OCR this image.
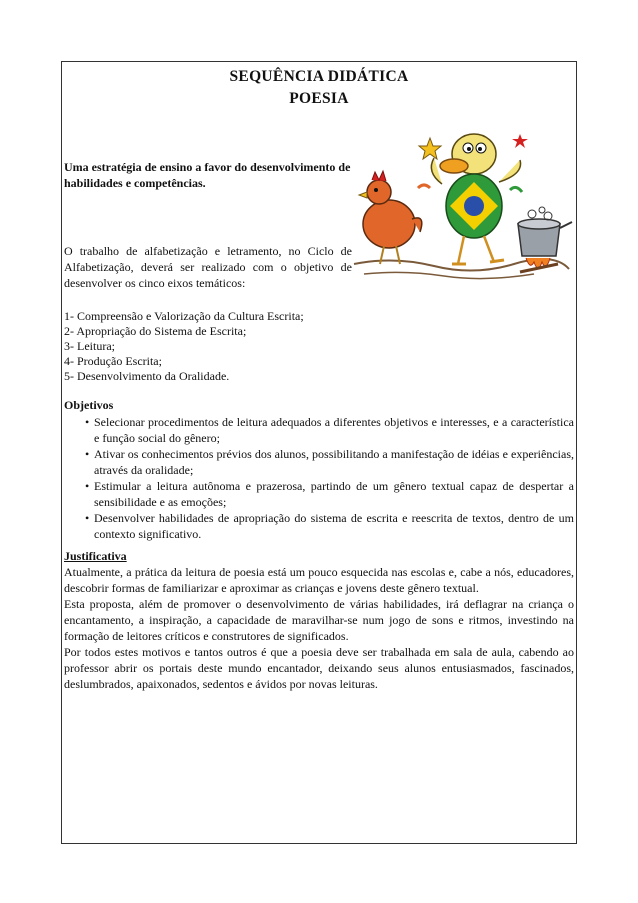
SEQUÊNCIA DIDÁTICA
POESIA
Uma estratégia de ensino a favor do desenvolvimento de habilidades e competências.
O trabalho de alfabetização e letramento, no Ciclo de Alfabetização, deverá ser realizado com o objetivo de desenvolver os cinco eixos temáticos:
1- Compreensão e Valorização da Cultura Escrita;
2- Apropriação do Sistema de Escrita;
3- Leitura;
4- Produção Escrita;
5- Desenvolvimento da Oralidade.
Objetivos
• Selecionar procedimentos de leitura adequados a diferentes objetivos e interesses, e a característica e função social do gênero;
• Ativar os conhecimentos prévios dos alunos, possibilitando a manifestação de idéias e experiências, através da oralidade;
• Estimular a leitura autônoma e prazerosa, partindo de um gênero textual capaz de despertar a sensibilidade e as emoções;
• Desenvolver habilidades de apropriação do sistema de escrita e reescrita de textos, dentro de um contexto significativo.
Justificativa

Atualmente, a prática da leitura de poesia está um pouco esquecida nas escolas e, cabe a nós, educadores, descobrir formas de familiarizar e aproximar as crianças e jovens deste gênero textual.

Esta proposta, além de promover o desenvolvimento de várias habilidades, irá deflagrar na criança o encantamento, a inspiração, a capacidade de maravilhar-se num jogo de sons e ritmos, investindo na formação de leitores críticos e construtores de significados.

Por todos estes motivos e tantos outros é que a poesia deve ser trabalhada em sala de aula, cabendo ao professor abrir os portais deste mundo encantador, deixando seus alunos entusiasmados, fascinados, deslumbrados, apaixonados, sedentos e ávidos por novas leituras.
